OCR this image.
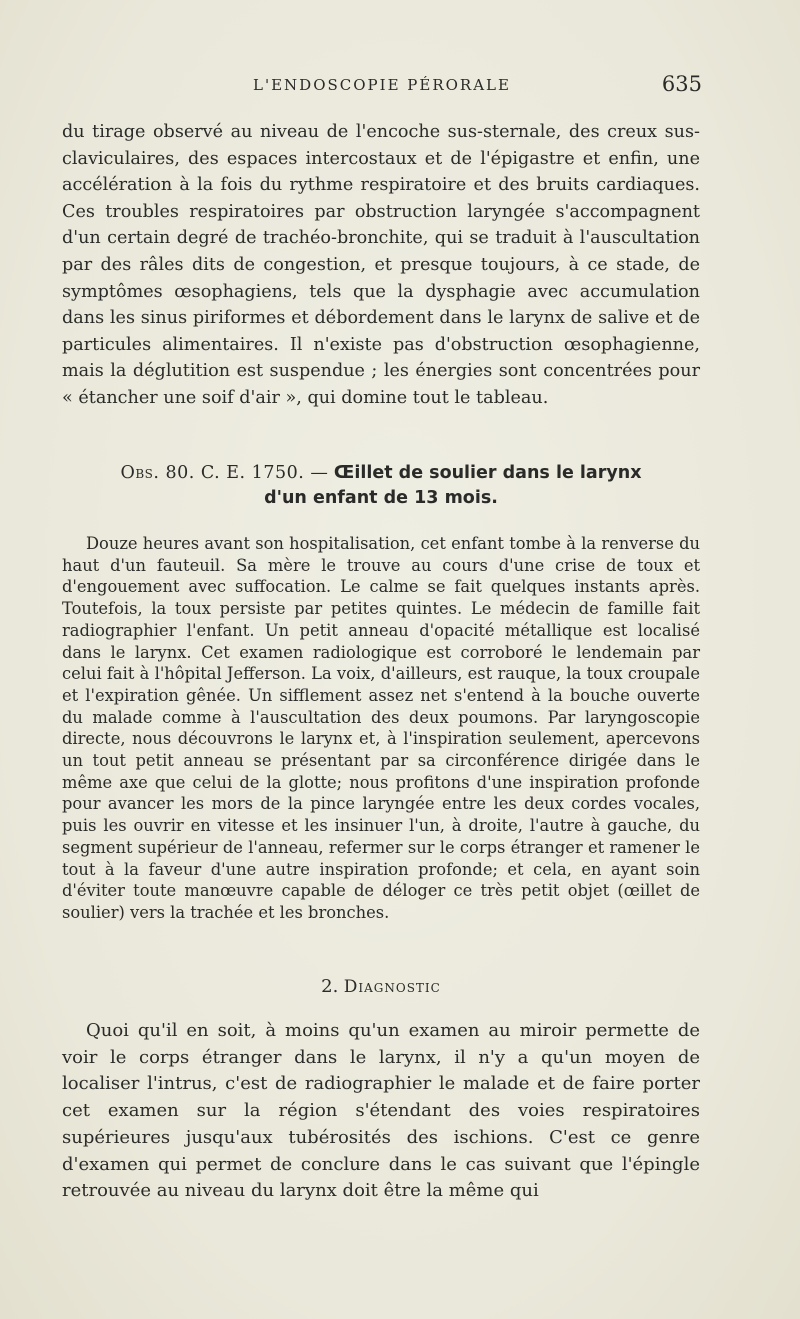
L'ENDOSCOPIE PÉRORALE	635

du tirage observé au niveau de l'encoche sus-sternale, des creux sus-claviculaires, des espaces intercostaux et de l'épigastre et enfin, une accélération à la fois du rythme respiratoire et des bruits cardiaques. Ces troubles respiratoires par obstruction laryngée s'accompagnent d'un certain degré de trachéo-bronchite, qui se traduit à l'auscultation par des râles dits de congestion, et presque toujours, à ce stade, de symptômes œsophagiens, tels que la dysphagie avec accumulation dans les sinus piriformes et débordement dans le larynx de salive et de particules alimentaires. Il n'existe pas d'obstruction œsophagienne, mais la déglutition est suspendue ; les énergies sont concentrées pour « étancher une soif d'air », qui domine tout le tableau.

Obs. 80. C. E. 1750. — Œillet de soulier dans le larynx
d'un enfant de 13 mois.

Douze heures avant son hospitalisation, cet enfant tombe à la renverse du haut d'un fauteuil. Sa mère le trouve au cours d'une crise de toux et d'engouement avec suffocation. Le calme se fait quelques instants après. Toutefois, la toux persiste par petites quintes. Le médecin de famille fait radiographier l'enfant. Un petit anneau d'opacité métallique est localisé dans le larynx. Cet examen radiologique est corroboré le lendemain par celui fait à l'hôpital Jefferson. La voix, d'ailleurs, est rauque, la toux croupale et l'expiration gênée. Un sifflement assez net s'entend à la bouche ouverte du malade comme à l'auscultation des deux poumons. Par laryngoscopie directe, nous découvrons le larynx et, à l'inspiration seulement, apercevons un tout petit anneau se présentant par sa circonférence dirigée dans le même axe que celui de la glotte; nous profitons d'une inspiration profonde pour avancer les mors de la pince laryngée entre les deux cordes vocales, puis les ouvrir en vitesse et les insinuer l'un, à droite, l'autre à gauche, du segment supérieur de l'anneau, refermer sur le corps étranger et ramener le tout à la faveur d'une autre inspiration profonde; et cela, en ayant soin d'éviter toute manœuvre capable de déloger ce très petit objet (œillet de soulier) vers la trachée et les bronches.

2. Diagnostic

Quoi qu'il en soit, à moins qu'un examen au miroir permette de voir le corps étranger dans le larynx, il n'y a qu'un moyen de localiser l'intrus, c'est de radiographier le malade et de faire porter cet examen sur la région s'étendant des voies respiratoires supérieures jusqu'aux tubérosités des ischions. C'est ce genre d'examen qui permet de conclure dans le cas suivant que l'épingle retrouvée au niveau du larynx doit être la même qui
